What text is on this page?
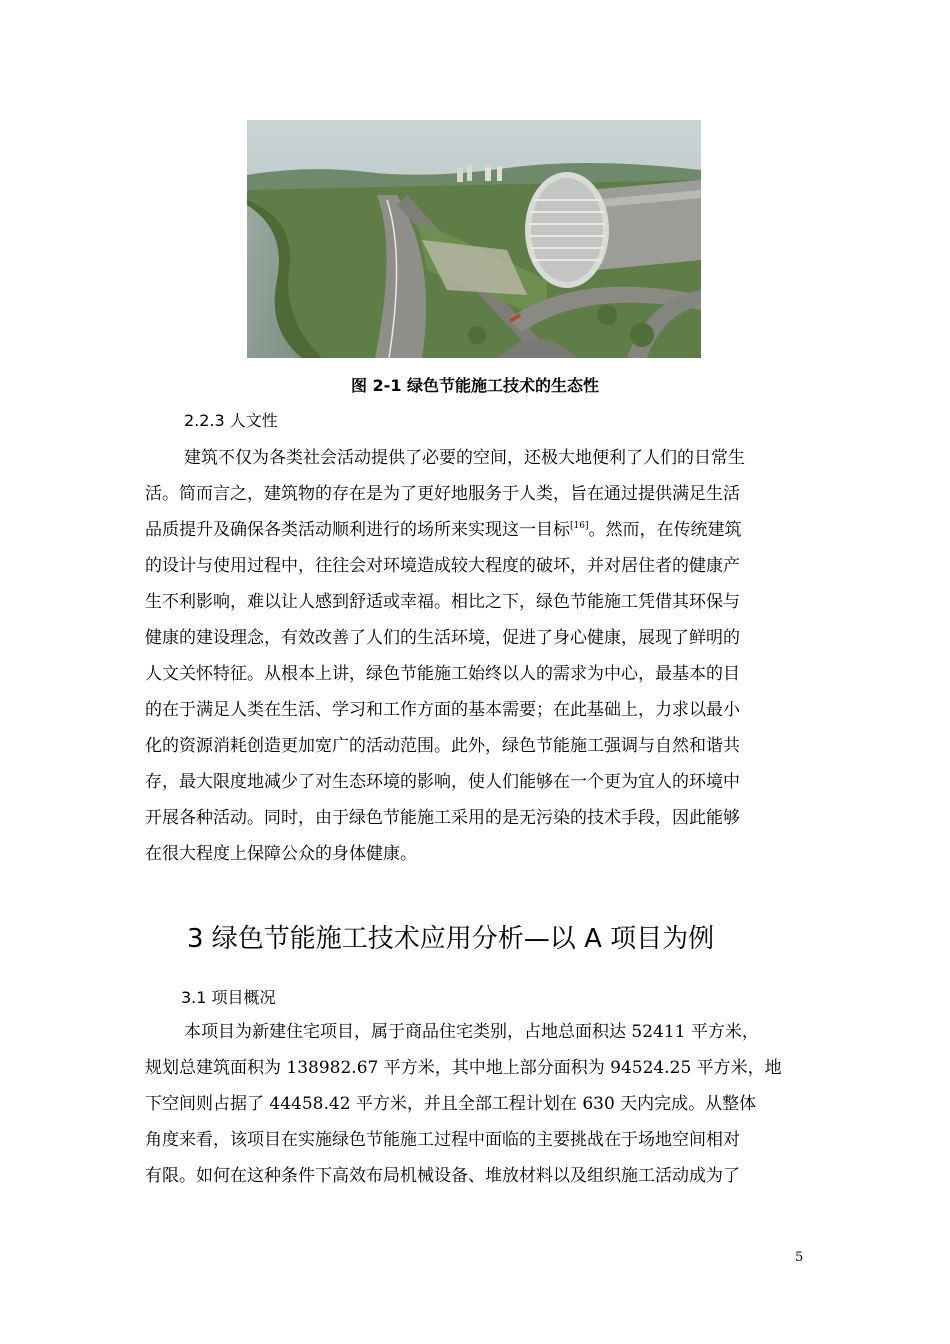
图 2-1 绿色节能施工技术的生态性
2.2.3 人文性
建筑不仅为各类社会活动提供了必要的空间，还极大地便利了人们的日常生
活。简而言之，建筑物的存在是为了更好地服务于人类，旨在通过提供满足生活
品质提升及确保各类活动顺利进行的场所来实现这一目标[16]。然而，在传统建筑
的设计与使用过程中，往往会对环境造成较大程度的破坏，并对居住者的健康产
生不利影响，难以让人感到舒适或幸福。相比之下，绿色节能施工凭借其环保与
健康的建设理念，有效改善了人们的生活环境，促进了身心健康，展现了鲜明的
人文关怀特征。从根本上讲，绿色节能施工始终以人的需求为中心，最基本的目
的在于满足人类在生活、学习和工作方面的基本需要；在此基础上，力求以最小
化的资源消耗创造更加宽广的活动范围。此外，绿色节能施工强调与自然和谐共
存，最大限度地减少了对生态环境的影响，使人们能够在一个更为宜人的环境中
开展各种活动。同时，由于绿色节能施工采用的是无污染的技术手段，因此能够
在很大程度上保障公众的身体健康。
3 绿色节能施工技术应用分析—以 A 项目为例
3.1 项目概况
本项目为新建住宅项目，属于商品住宅类别，占地总面积达 52411 平方米，
规划总建筑面积为 138982.67 平方米，其中地上部分面积为 94524.25 平方米，地
下空间则占据了 44458.42 平方米，并且全部工程计划在 630 天内完成。从整体
角度来看，该项目在实施绿色节能施工过程中面临的主要挑战在于场地空间相对
有限。如何在这种条件下高效布局机械设备、堆放材料以及组织施工活动成为了
5
